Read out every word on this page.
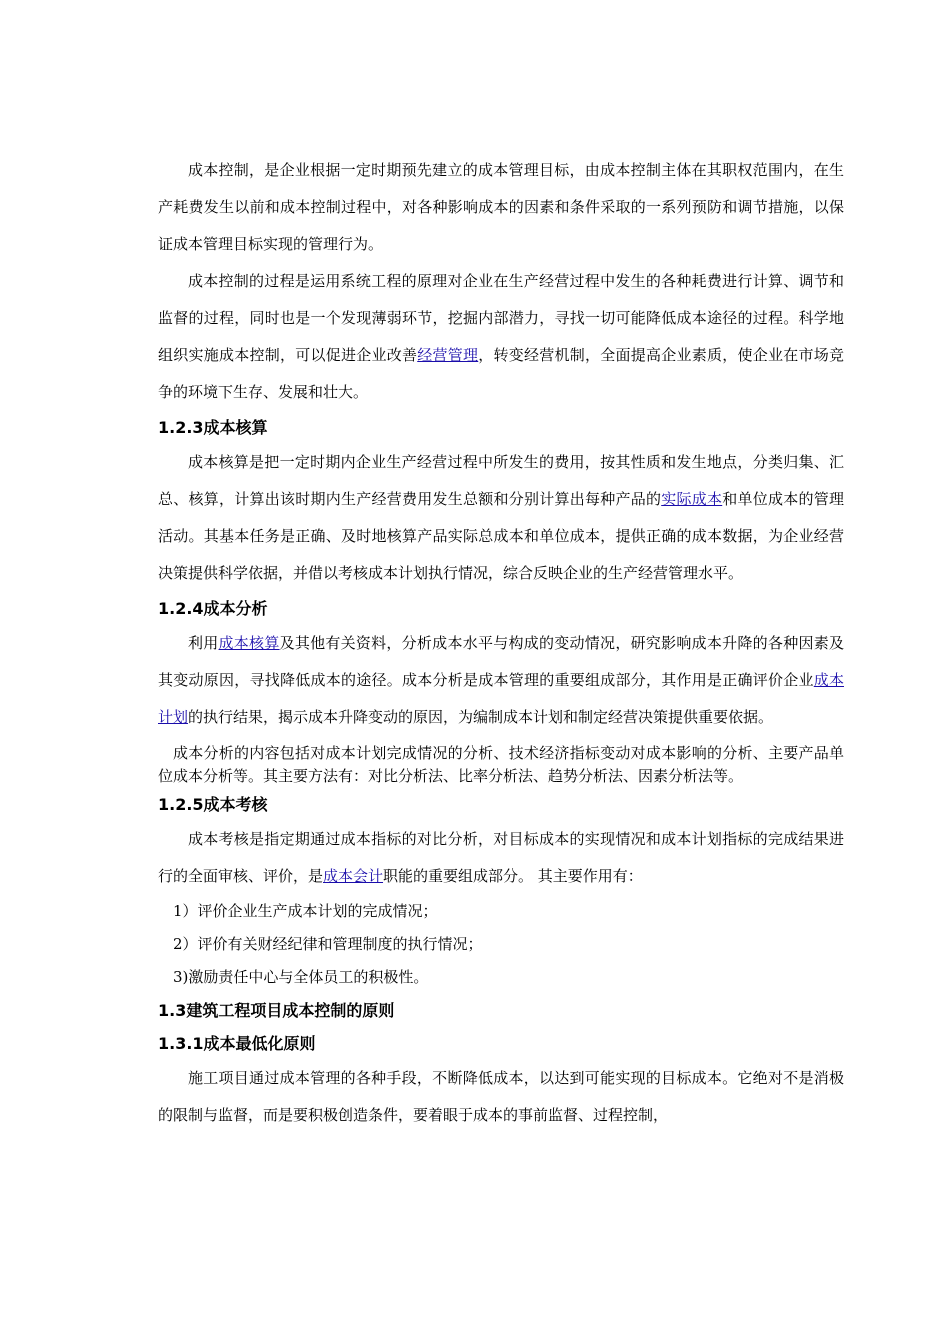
成本控制，是企业根据一定时期预先建立的成本管理目标，由成本控制主体在其职权范围内，在生产耗费发生以前和成本控制过程中，对各种影响成本的因素和条件采取的一系列预防和调节措施，以保证成本管理目标实现的管理行为。

成本控制的过程是运用系统工程的原理对企业在生产经营过程中发生的各种耗费进行计算、调节和监督的过程，同时也是一个发现薄弱环节，挖掘内部潜力，寻找一切可能降低成本途径的过程。科学地组织实施成本控制，可以促进企业改善经营管理，转变经营机制，全面提高企业素质，使企业在市场竞争的环境下生存、发展和壮大。

1.2.3成本核算

成本核算是把一定时期内企业生产经营过程中所发生的费用，按其性质和发生地点，分类归集、汇总、核算，计算出该时期内生产经营费用发生总额和分别计算出每种产品的实际成本和单位成本的管理活动。其基本任务是正确、及时地核算产品实际总成本和单位成本，提供正确的成本数据，为企业经营决策提供科学依据，并借以考核成本计划执行情况，综合反映企业的生产经营管理水平。

1.2.4成本分析

利用成本核算及其他有关资料，分析成本水平与构成的变动情况，研究影响成本升降的各种因素及其变动原因，寻找降低成本的途径。成本分析是成本管理的重要组成部分，其作用是正确评价企业成本计划的执行结果，揭示成本升降变动的原因，为编制成本计划和制定经营决策提供重要依据。

成本分析的内容包括对成本计划完成情况的分析、技术经济指标变动对成本影响的分析、主要产品单位成本分析等。其主要方法有：对比分析法、比率分析法、趋势分析法、因素分析法等。

1.2.5成本考核

成本考核是指定期通过成本指标的对比分析，对目标成本的实现情况和成本计划指标的完成结果进行的全面审核、评价，是成本会计职能的重要组成部分。 其主要作用有：

1）评价企业生产成本计划的完成情况；

2）评价有关财经纪律和管理制度的执行情况；

3)激励责任中心与全体员工的积极性。

1.3建筑工程项目成本控制的原则
1.3.1成本最低化原则

施工项目通过成本管理的各种手段，不断降低成本，以达到可能实现的目标成本。它绝对不是消极的限制与监督，而是要积极创造条件，要着眼于成本的事前监督、过程控制，
